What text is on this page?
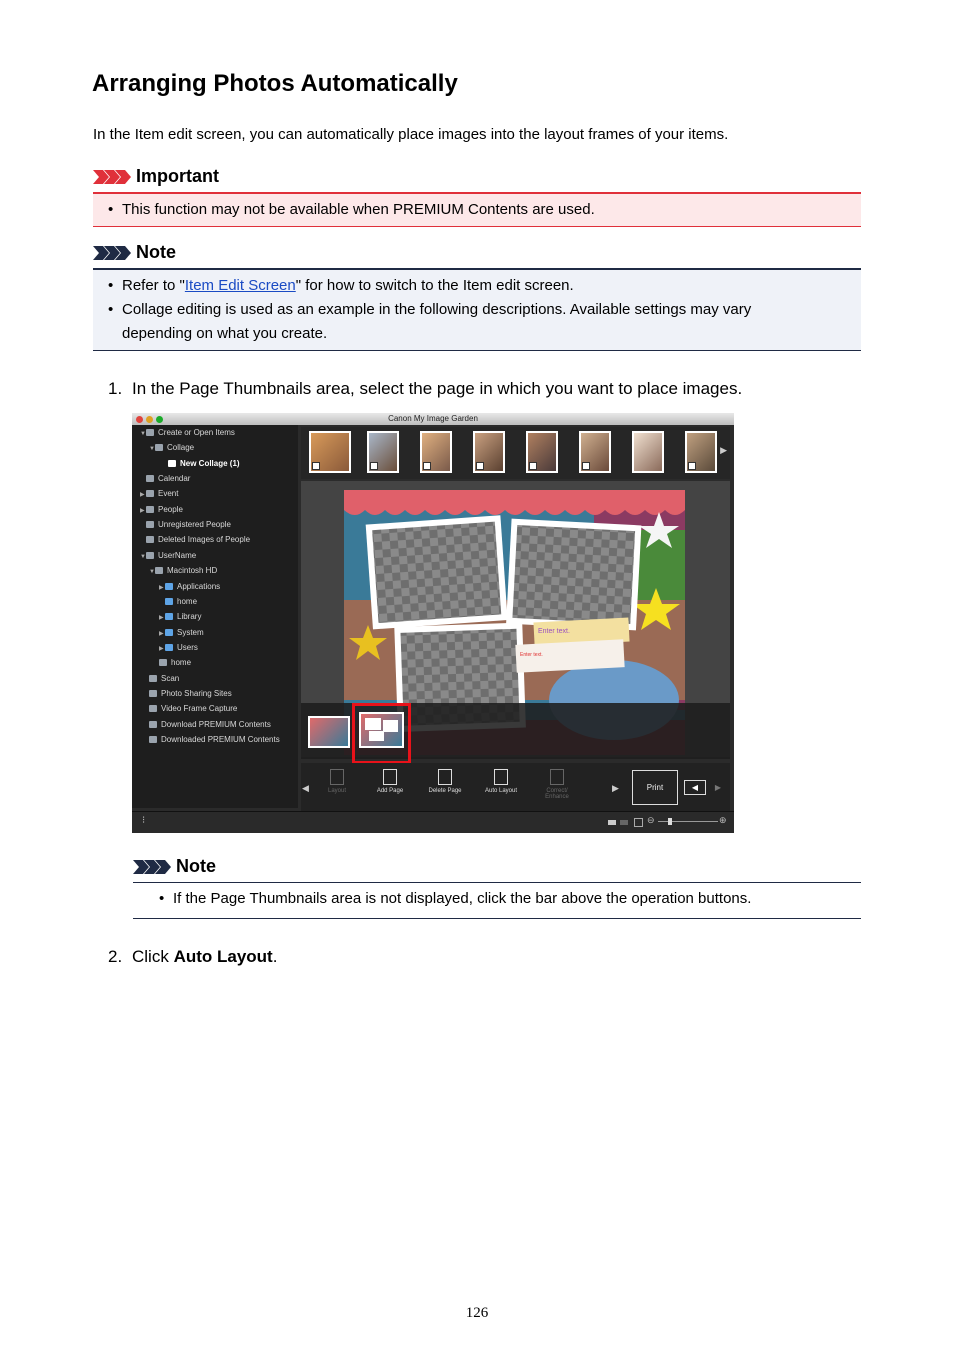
Arranging Photos Automatically
In the Item edit screen, you can automatically place images into the layout frames of your items.
Important
• This function may not be available when PREMIUM Contents are used.
Note
• Refer to "Item Edit Screen" for how to switch to the Item edit screen.
• Collage editing is used as an example in the following descriptions. Available settings may vary
depending on what you create.
1. In the Page Thumbnails area, select the page in which you want to place images.
Canon My Image Garden
▼ Create or Open Items
▼ Collage
New Collage (1)
Calendar
▶ Event
▶ People
Unregistered People
Deleted Images of People
▼ UserName
▼ Macintosh HD
▶ Applications
home
▶ Library
▶ System
▶ Users
home
Scan
Photo Sharing Sites
Video Frame Capture
Download PREMIUM Contents
Downloaded PREMIUM Contents
▶
Enter text.
Enter text.
◀	Layout	Add Page	Delete Page	Auto Layout	Correct/ Enhance
▶	Print	◀	▶
⁝	⊖	⊕
Note
• If the Page Thumbnails area is not displayed, click the bar above the operation buttons.
2. Click Auto Layout.
126
